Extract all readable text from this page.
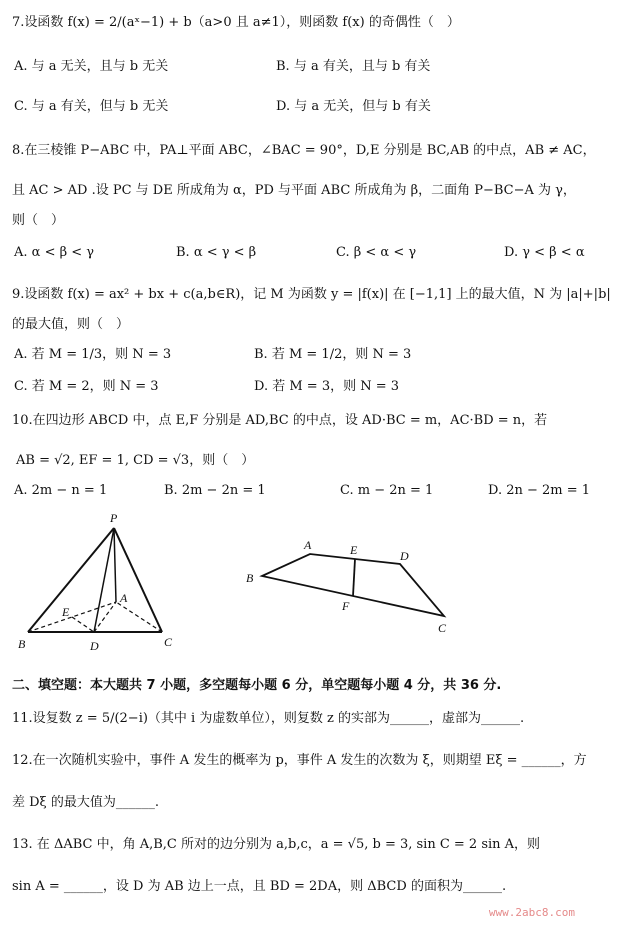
7.设函数 f(x) = 2/(aˣ−1) + b（a>0 且 a≠1），则函数 f(x) 的奇偶性（　）
A. 与 a 无关，且与 b 无关	B. 与 a 有关，且与 b 有关
C. 与 a 有关，但与 b 无关	D. 与 a 无关，但与 b 有关
8.在三棱锥 P−ABC 中，PA⊥平面 ABC，∠BAC = 90°，D,E 分别是 BC,AB 的中点，AB ≠ AC，
且 AC > AD .设 PC 与 DE 所成角为 α，PD 与平面 ABC 所成角为 β，二面角 P−BC−A 为 γ，
则（　）
A. α < β < γ	B. α < γ < β	C. β < α < γ	D. γ < β < α
9.设函数 f(x) = ax² + bx + c(a,b∈R)，记 M 为函数 y = |f(x)| 在 [−1,1] 上的最大值，N 为 |a|+|b|
的最大值，则（　）
A. 若 M = 1/3，则 N = 3	B. 若 M = 1/2，则 N = 3
C. 若 M = 2，则 N = 3	D. 若 M = 3，则 N = 3
10.在四边形 ABCD 中，点 E,F 分别是 AD,BC 的中点，设 AD·BC = m，AC·BD = n，若
AB = √2, EF = 1, CD = √3，则（　）
A. 2m − n = 1	B. 2m − 2n = 1	C. m − 2n = 1	D. 2n − 2m = 1
P
A
B	C
D
E
A
B
C
D
E
F
二、填空题：本大题共 7 小题，多空题每小题 6 分，单空题每小题 4 分，共 36 分.
11.设复数 z = 5/(2−i)（其中 i 为虚数单位），则复数 z 的实部为______，虚部为______.
12.在一次随机实验中，事件 A 发生的概率为 p，事件 A 发生的次数为 ξ，则期望 Eξ = ______，方
差 Dξ 的最大值为______.
13. 在 ΔABC 中，角 A,B,C 所对的边分别为 a,b,c，a = √5, b = 3, sin C = 2 sin A，则
sin A = ______，设 D 为 AB 边上一点，且 BD = 2DA，则 ΔBCD 的面积为______.
www.2abc8.com
